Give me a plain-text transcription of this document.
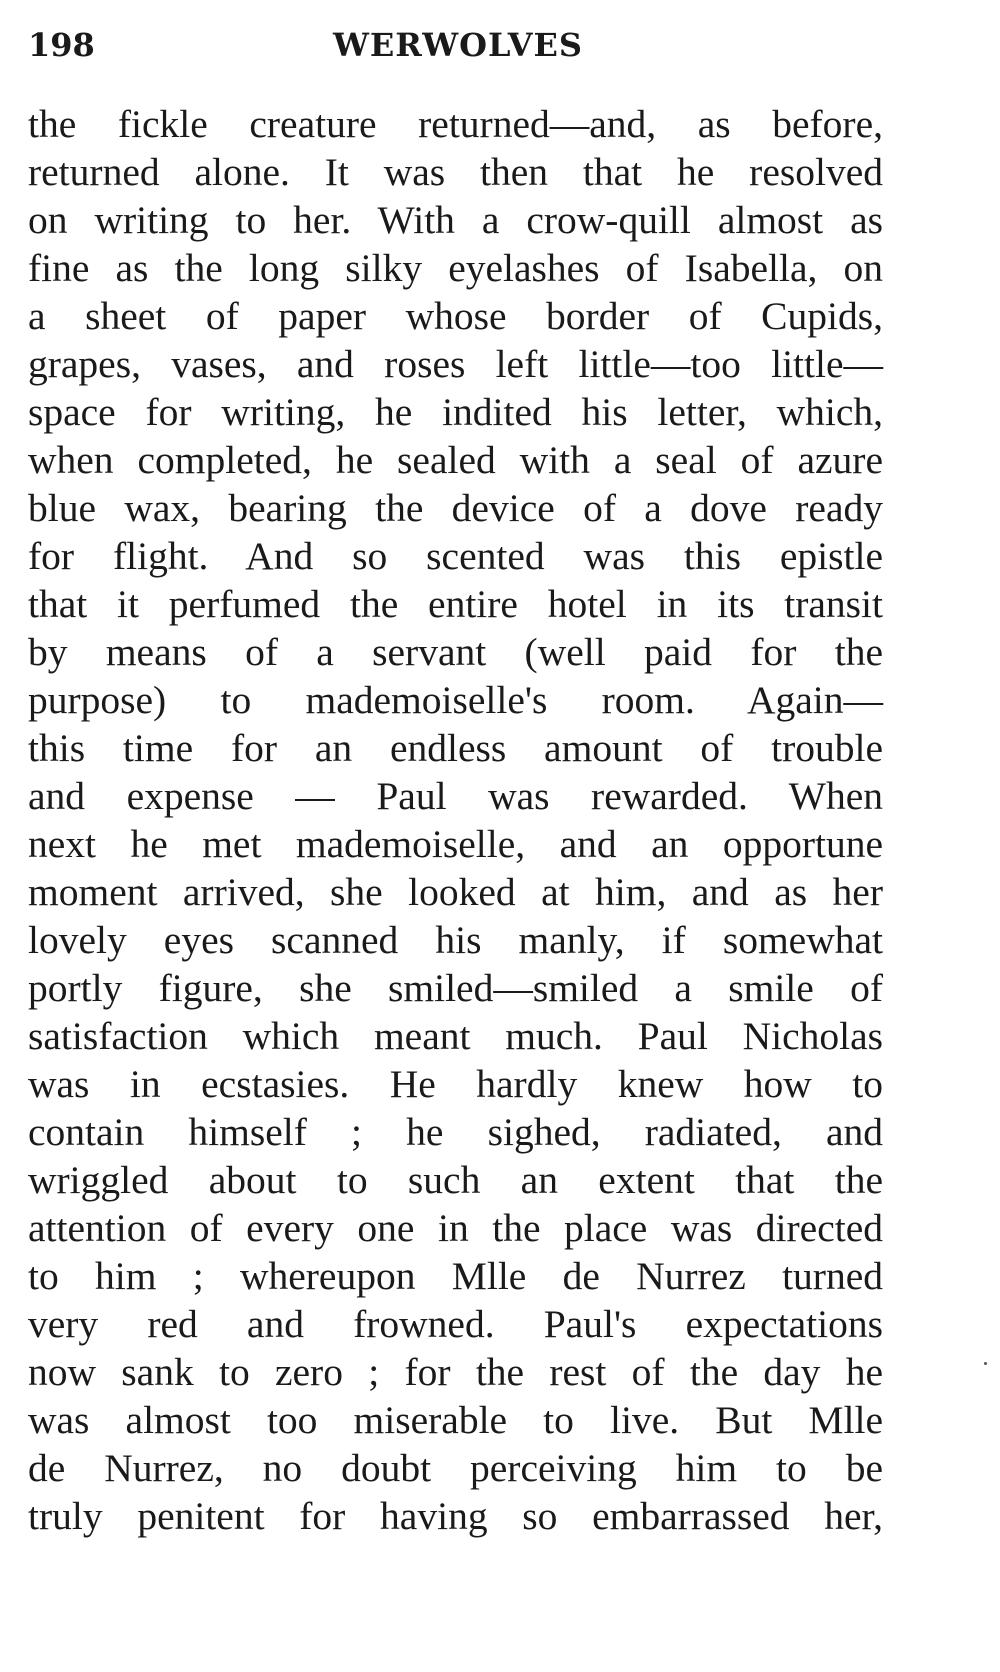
198	WERWOLVES
the fickle creature returned—and, as before,
returned alone. It was then that he resolved
on writing to her. With a crow-quill almost as
fine as the long silky eyelashes of Isabella, on
a sheet of paper whose border of Cupids,
grapes, vases, and roses left little—too little—
space for writing, he indited his letter, which,
when completed, he sealed with a seal of azure
blue wax, bearing the device of a dove ready
for flight. And so scented was this epistle
that it perfumed the entire hotel in its transit
by means of a servant (well paid for the
purpose) to mademoiselle's room. Again—
this time for an endless amount of trouble
and expense — Paul was rewarded. When
next he met mademoiselle, and an opportune
moment arrived, she looked at him, and as her
lovely eyes scanned his manly, if somewhat
portly figure, she smiled—smiled a smile of
satisfaction which meant much. Paul Nicholas
was in ecstasies. He hardly knew how to
contain himself ; he sighed, radiated, and
wriggled about to such an extent that the
attention of every one in the place was directed
to him ; whereupon Mlle de Nurrez turned
very red and frowned. Paul's expectations
now sank to zero ; for the rest of the day he
was almost too miserable to live. But Mlle
de Nurrez, no doubt perceiving him to be
truly penitent for having so embarrassed her,
